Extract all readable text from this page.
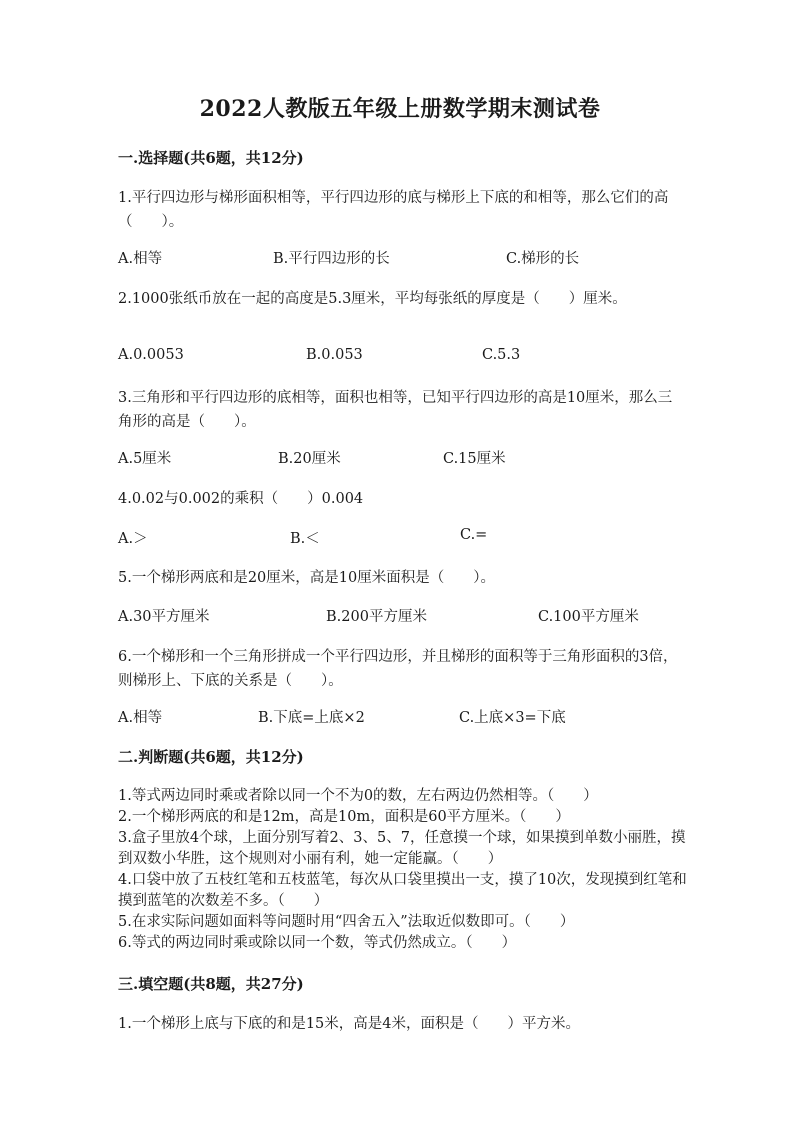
2022人教版五年级上册数学期末测试卷
一.选择题(共6题，共12分)
1.平行四边形与梯形面积相等，平行四边形的底与梯形上下底的和相等，那么它们的高（　　）。
A.相等	B.平行四边形的长	C.梯形的长
2.1000张纸币放在一起的高度是5.3厘米，平均每张纸的厚度是（　　）厘米。
A.0.0053	B.0.053	C.5.3
3.三角形和平行四边形的底相等，面积也相等，已知平行四边形的高是10厘米，那么三角形的高是（　　）。
A.5厘米	B.20厘米	C.15厘米
4.0.02与0.002的乘积（　　）0.004
A.＞	B.＜	C.=
5.一个梯形两底和是20厘米，高是10厘米面积是（　　）。
A.30平方厘米	B.200平方厘米	C.100平方厘米
6.一个梯形和一个三角形拼成一个平行四边形，并且梯形的面积等于三角形面积的3倍，则梯形上、下底的关系是（　　）。
A.相等	B.下底=上底×2	C.上底×3=下底
二.判断题(共6题，共12分)
1.等式两边同时乘或者除以同一个不为0的数，左右两边仍然相等。（　　）
2.一个梯形两底的和是12m，高是10m，面积是60平方厘米。（　　）
3.盒子里放4个球，上面分别写着2、3、5、7，任意摸一个球，如果摸到单数小丽胜，摸到双数小华胜，这个规则对小丽有利，她一定能赢。（　　）
4.口袋中放了五枝红笔和五枝蓝笔，每次从口袋里摸出一支，摸了10次，发现摸到红笔和摸到蓝笔的次数差不多。（　　）
5.在求实际问题如面料等问题时用“四舍五入”法取近似数即可。（　　）
6.等式的两边同时乘或除以同一个数，等式仍然成立。（　　）
三.填空题(共8题，共27分)
1.一个梯形上底与下底的和是15米，高是4米，面积是（　　）平方米。
